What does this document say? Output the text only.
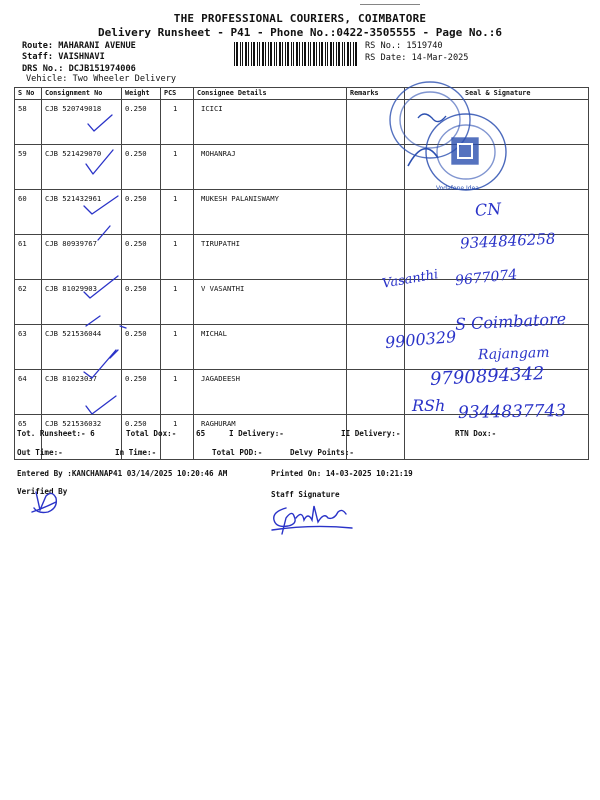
THE PROFESSIONAL COURIERS, COIMBATORE
Delivery Runsheet - P41 - Phone No.:0422-3505555 - Page No.:6
Route: MAHARANI AVENUE
Staff: VAISHNAVI
DRS No.: DCJB151974006
Vehicle: Two Wheeler Delivery
RS No.: 1519740
RS Date: 14-Mar-2025
S No	Consignment No	Weight	PCS	Consignee Details	Remarks	Seal & Signature
58	CJB 520749018	0.250	1	ICICI		
59	CJB 521429070	0.250	1	MOHANRAJ		
60	CJB 521432961	0.250	1	MUKESH PALANISWAMY		
61	CJB 80939767	0.250	1	TIRUPATHI		
62	CJB 81029903	0.250	1	V VASANTHI		
63	CJB 521536044	0.250	1	MICHAL		
64	CJB 81023037	0.250	1	JAGADEESH		
65	CJB 521536032	0.250	1	RAGHURAM		
Vodafone Idea
CN
9344846258
Vasanthi 9677074
S Coimbatore
9900329
Rajangam
9790894342
RSh 9344837743
Tot. Runsheet:- 6	Total Dox:-	65	I Delivery:-	II Delivery:-	RTN Dox:-
Out Time:-	In Time:-	Total POD:-	Delvy Points:-
Entered By :KANCHANAP41 03/14/2025 10:20:46 AM	Printed On: 14-03-2025 10:21:19
Verified By	Staff Signature
